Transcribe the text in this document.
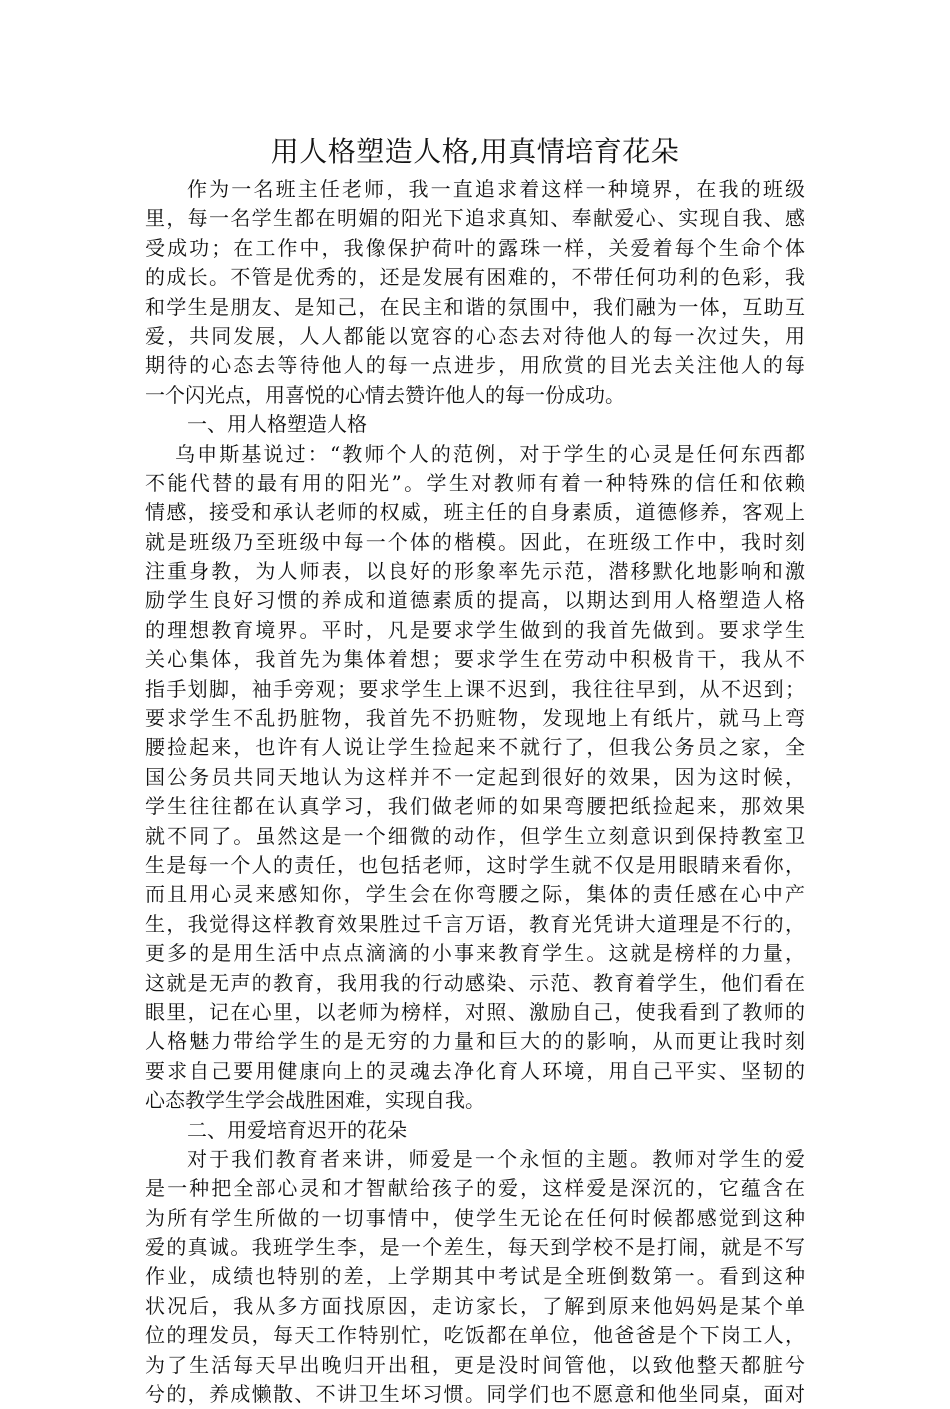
用人格塑造人格,用真情培育花朵
作为一名班主任老师，我一直追求着这样一种境界，在我的班级
里，每一名学生都在明媚的阳光下追求真知、奉献爱心、实现自我、感
受成功；在工作中，我像保护荷叶的露珠一样，关爱着每个生命个体
的成长。不管是优秀的，还是发展有困难的，不带任何功利的色彩，我
和学生是朋友、是知己，在民主和谐的氛围中，我们融为一体，互助互
爱，共同发展，人人都能以宽容的心态去对待他人的每一次过失，用
期待的心态去等待他人的每一点进步，用欣赏的目光去关注他人的每
一个闪光点，用喜悦的心情去赞许他人的每一份成功。
一、用人格塑造人格
乌申斯基说过：“教师个人的范例，对于学生的心灵是任何东西都
不能代替的最有用的阳光”。学生对教师有着一种特殊的信任和依赖
情感，接受和承认老师的权威，班主任的自身素质，道德修养，客观上
就是班级乃至班级中每一个体的楷模。因此，在班级工作中，我时刻
注重身教，为人师表，以良好的形象率先示范，潜移默化地影响和激
励学生良好习惯的养成和道德素质的提高，以期达到用人格塑造人格
的理想教育境界。平时，凡是要求学生做到的我首先做到。要求学生
关心集体，我首先为集体着想；要求学生在劳动中积极肯干，我从不
指手划脚，袖手旁观；要求学生上课不迟到，我往往早到，从不迟到；
要求学生不乱扔脏物，我首先不扔赃物，发现地上有纸片，就马上弯
腰捡起来，也许有人说让学生捡起来不就行了，但我公务员之家，全
国公务员共同天地认为这样并不一定起到很好的效果，因为这时候，
学生往往都在认真学习，我们做老师的如果弯腰把纸捡起来，那效果
就不同了。虽然这是一个细微的动作，但学生立刻意识到保持教室卫
生是每一个人的责任，也包括老师，这时学生就不仅是用眼睛来看你，
而且用心灵来感知你，学生会在你弯腰之际，集体的责任感在心中产
生，我觉得这样教育效果胜过千言万语，教育光凭讲大道理是不行的，
更多的是用生活中点点滴滴的小事来教育学生。这就是榜样的力量，
这就是无声的教育，我用我的行动感染、示范、教育着学生，他们看在
眼里，记在心里，以老师为榜样，对照、激励自己，使我看到了教师的
人格魅力带给学生的是无穷的力量和巨大的的影响，从而更让我时刻
要求自己要用健康向上的灵魂去净化育人环境，用自己平实、坚韧的
心态教学生学会战胜困难，实现自我。
二、用爱培育迟开的花朵
对于我们教育者来讲，师爱是一个永恒的主题。教师对学生的爱
是一种把全部心灵和才智献给孩子的爱，这样爱是深沉的，它蕴含在
为所有学生所做的一切事情中，使学生无论在任何时候都感觉到这种
爱的真诚。我班学生李，是一个差生，每天到学校不是打闹，就是不写
作业，成绩也特别的差，上学期其中考试是全班倒数第一。看到这种
状况后，我从多方面找原因，走访家长，了解到原来他妈妈是某个单
位的理发员，每天工作特别忙，吃饭都在单位，他爸爸是个下岗工人，
为了生活每天早出晚归开出租，更是没时间管他，以致他整天都脏兮
兮的，养成懒散、不讲卫生坏习惯。同学们也不愿意和他坐同桌，面对
